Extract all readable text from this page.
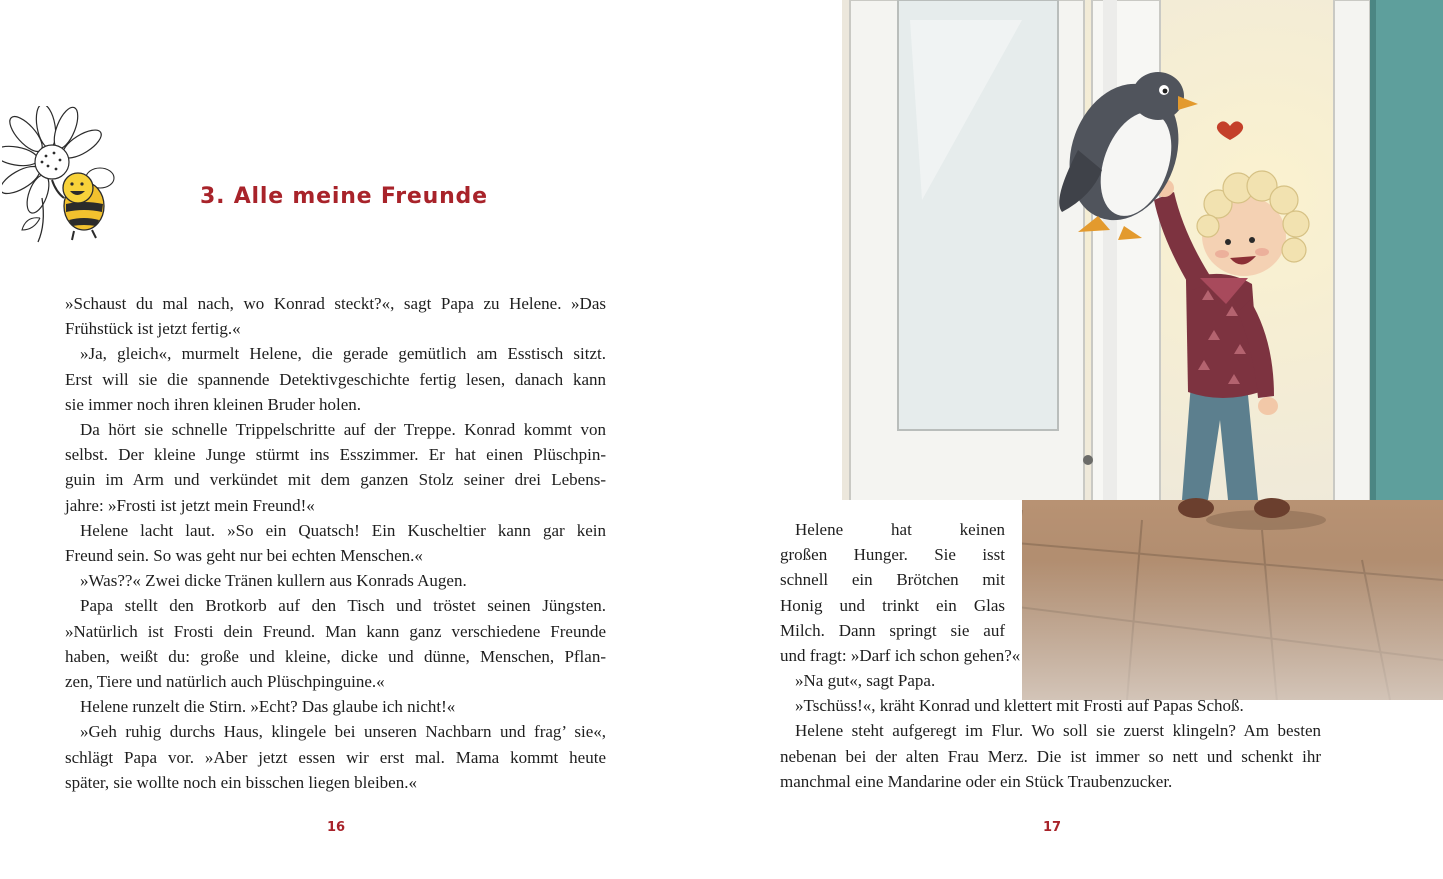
3. Alle meine Freunde
»Schaust du mal nach, wo Konrad steckt?«, sagt Papa zu Helene. »Das
Frühstück ist jetzt fertig.«
»Ja, gleich«, murmelt Helene, die gerade gemütlich am Esstisch sitzt.
Erst will sie die spannende Detektivgeschichte fertig lesen, danach kann
sie immer noch ihren kleinen Bruder holen.
Da hört sie schnelle Trippelschritte auf der Treppe. Konrad kommt von
selbst. Der kleine Junge stürmt ins Esszimmer. Er hat einen Plüschpin-
guin im Arm und verkündet mit dem ganzen Stolz seiner drei Lebens-
jahre: »Frosti ist jetzt mein Freund!«
Helene lacht laut. »So ein Quatsch! Ein Kuscheltier kann gar kein
Freund sein. So was geht nur bei echten Menschen.«
»Was??« Zwei dicke Tränen kullern aus Konrads Augen.
Papa stellt den Brotkorb auf den Tisch und tröstet seinen Jüngsten.
»Natürlich ist Frosti dein Freund. Man kann ganz verschiedene Freunde
haben, weißt du: große und kleine, dicke und dünne, Menschen, Pflan-
zen, Tiere und natürlich auch Plüschpinguine.«
Helene runzelt die Stirn. »Echt? Das glaube ich nicht!«
»Geh ruhig durchs Haus, klingele bei unseren Nachbarn und frag’ sie«,
schlägt Papa vor. »Aber jetzt essen wir erst mal. Mama kommt heute
später, sie wollte noch ein bisschen liegen bleiben.«
16
Helene hat keinen
großen Hunger. Sie isst
schnell ein Brötchen mit
Honig und trinkt ein Glas
Milch. Dann springt sie auf
und fragt: »Darf ich schon gehen?«
»Na gut«, sagt Papa.
»Tschüss!«, kräht Konrad und klettert mit Frosti auf Papas Schoß.
Helene steht aufgeregt im Flur. Wo soll sie zuerst klingeln? Am besten
nebenan bei der alten Frau Merz. Die ist immer so nett und schenkt ihr
manchmal eine Mandarine oder ein Stück Traubenzucker.
17
